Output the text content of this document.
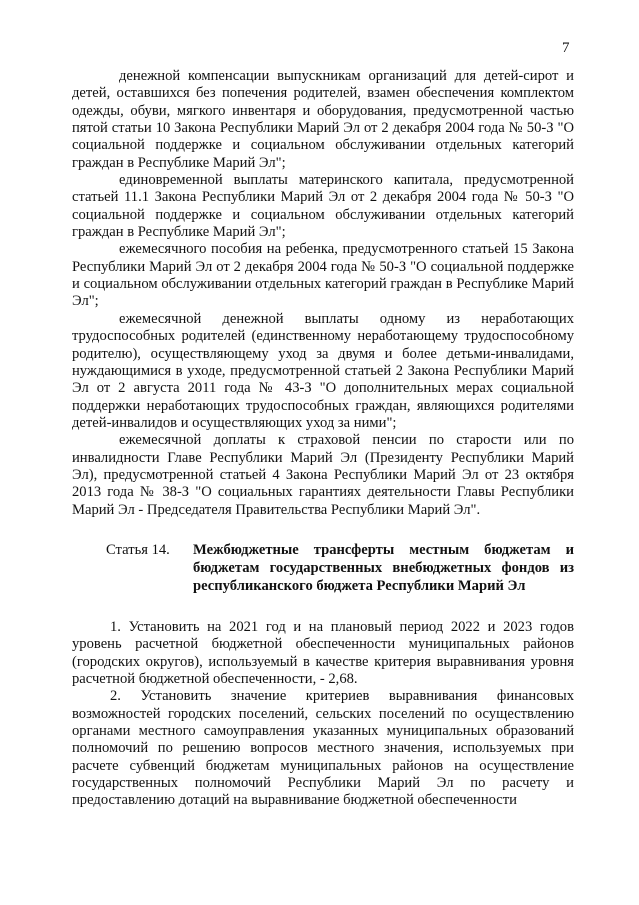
7

денежной компенсации выпускникам организаций для детей-сирот и детей, оставшихся без попечения родителей, взамен обеспечения комплектом одежды, обуви, мягкого инвентаря и оборудования, предусмотренной частью пятой статьи 10 Закона Республики Марий Эл от 2 декабря 2004 года № 50-З "О социальной поддержке и социальном обслуживании отдельных категорий граждан в Республике Марий Эл";

единовременной выплаты материнского капитала, предусмотренной статьей 11.1 Закона Республики Марий Эл от 2 декабря 2004 года № 50-З "О социальной поддержке и социальном обслуживании отдельных категорий граждан в Республике Марий Эл";

ежемесячного пособия на ребенка, предусмотренного статьей 15 Закона Республики Марий Эл от 2 декабря 2004 года № 50-З "О социальной поддержке и социальном обслуживании отдельных категорий граждан в Республике Марий Эл";

ежемесячной денежной выплаты одному из неработающих трудоспособных родителей (единственному неработающему трудоспособному родителю), осуществляющему уход за двумя и более детьми-инвалидами, нуждающимися в уходе, предусмотренной статьей 2 Закона Республики Марий Эл от 2 августа 2011 года № 43-З "О дополнительных мерах социальной поддержки неработающих трудоспособных граждан, являющихся родителями детей-инвалидов и осуществляющих уход за ними";

ежемесячной доплаты к страховой пенсии по старости или по инвалидности Главе Республики Марий Эл (Президенту Республики Марий Эл), предусмотренной статьей 4 Закона Республики Марий Эл от 23 октября 2013 года № 38-З "О социальных гарантиях деятельности Главы Республики Марий Эл - Председателя Правительства Республики Марий Эл".

Статья 14.	Межбюджетные трансферты местным бюджетам и бюджетам государственных внебюджетных фондов из республиканского бюджета Республики Марий Эл

1. Установить на 2021 год и на плановый период 2022 и 2023 годов уровень расчетной бюджетной обеспеченности муниципальных районов (городских округов), используемый в качестве критерия выравнивания уровня расчетной бюджетной обеспеченности, - 2,68.

2. Установить значение критериев выравнивания финансовых возможностей городских поселений, сельских поселений по осуществлению органами местного самоуправления указанных муниципальных образований полномочий по решению вопросов местного значения, используемых при расчете субвенций бюджетам муниципальных районов на осуществление государственных полномочий Республики Марий Эл по расчету и предоставлению дотаций на выравнивание бюджетной обеспеченности
